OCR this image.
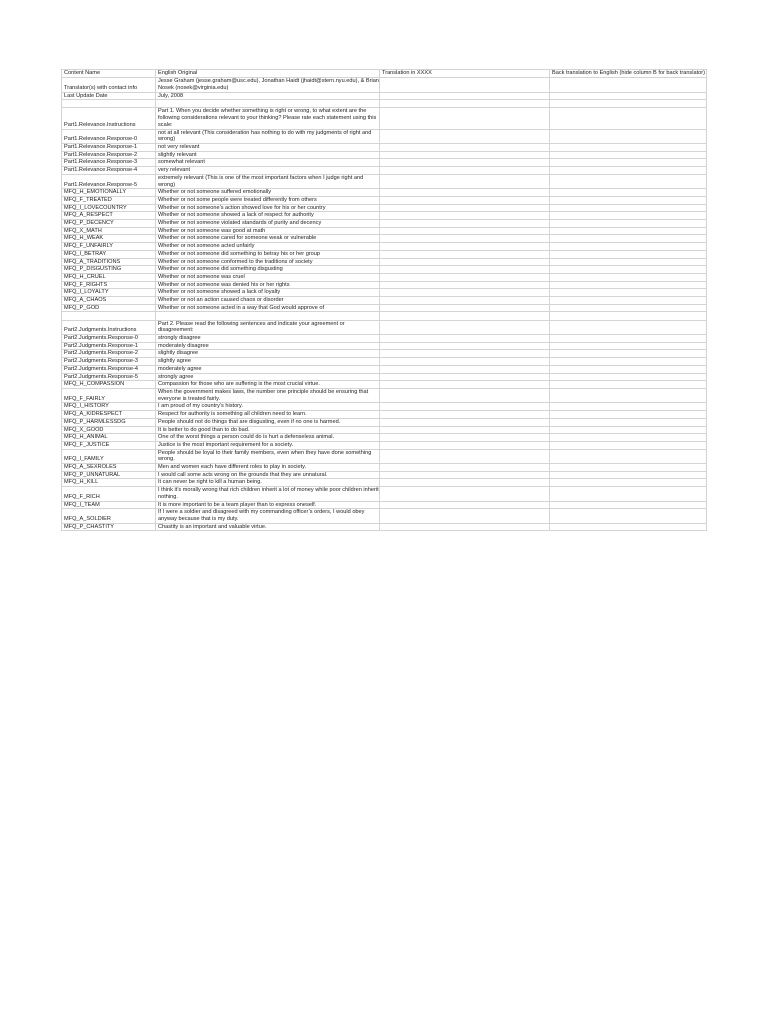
Content Name	English Original	Translation in XXXX	Back translation to English (hide column B for back translator)
Translator(s) with contact info	Jesse Graham (jesse.graham@usc.edu), Jonathan Haidt (jhaidt@stern.nyu.edu), & Brian Nosek (nosek@virginia.edu)		
Last Update Date	July, 2008		

Part1.Relevance.Instructions	Part 1. When you decide whether something is right or wrong, to what extent are the following considerations relevant to your thinking? Please rate each statement using this scale:		
Part1.Relevance.Response-0	not at all relevant (This consideration has nothing to do with my judgments of right and wrong)		
Part1.Relevance.Response-1	not very relevant		
Part1.Relevance.Response-2	slightly relevant		
Part1.Relevance.Response-3	somewhat relevant		
Part1.Relevance.Response-4	very relevant		
Part1.Relevance.Response-5	extremely relevant (This is one of the most important factors when I judge right and wrong)		
MFQ_H_EMOTIONALLY	Whether or not someone suffered emotionally		
MFQ_F_TREATED	Whether or not some people were treated differently from others		
MFQ_I_LOVECOUNTRY	Whether or not someone’s action showed love for his or her country		
MFQ_A_RESPECT	Whether or not someone showed a lack of respect for authority		
MFQ_P_DECENCY	Whether or not someone violated standards of purity and decency		
MFQ_X_MATH	Whether or not someone was good at math		
MFQ_H_WEAK	Whether or not someone cared for someone weak or vulnerable		
MFQ_F_UNFAIRLY	Whether or not someone acted unfairly		
MFQ_I_BETRAY	Whether or not someone did something to betray his or her group		
MFQ_A_TRADITIONS	Whether or not someone conformed to the traditions of society		
MFQ_P_DISGUSTING	Whether or not someone did something disgusting		
MFQ_H_CRUEL	Whether or not someone was cruel		
MFQ_F_RIGHTS	Whether or not someone was denied his or her rights		
MFQ_I_LOYALTY	Whether or not someone showed a lack of loyalty		
MFQ_A_CHAOS	Whether or not an action caused chaos or disorder		
MFQ_P_GOD	Whether or not someone acted in a way that God would approve of		

Part2.Judgments.Instructions	Part 2. Please read the following sentences and indicate your agreement or disagreement:		
Part2.Judgments.Response-0	strongly disagree		
Part2.Judgments.Response-1	moderately disagree		
Part2.Judgments.Response-2	slightly disagree		
Part2.Judgments.Response-3	slightly agree		
Part2.Judgments.Response-4	moderately agree		
Part2.Judgments.Response-5	strongly agree		
MFQ_H_COMPASSION	Compassion for those who are suffering is the most crucial virtue.		
MFQ_F_FAIRLY	When the government makes laws, the number one principle should be ensuring that everyone is treated fairly.		
MFQ_I_HISTORY	I am proud of my country’s history.		
MFQ_A_KIDRESPECT	Respect for authority is something all children need to learn.		
MFQ_P_HARMLESSDG	People should not do things that are disgusting, even if no one is harmed.		
MFQ_X_GOOD	It is better to do good than to do bad.		
MFQ_H_ANIMAL	One of the worst things a person could do is hurt a defenseless animal.		
MFQ_F_JUSTICE	Justice is the most important requirement for a society.		
MFQ_I_FAMILY	People should be loyal to their family members, even when they have done something wrong.		
MFQ_A_SEXROLES	Men and women each have different roles to play in society.		
MFQ_P_UNNATURAL	I would call some acts wrong on the grounds that they are unnatural.		
MFQ_H_KILL	It can never be right to kill a human being.		
MFQ_F_RICH	I think it’s morally wrong that rich children inherit a lot of money while poor children inherit nothing.		
MFQ_I_TEAM	It is more important to be a team player than to express oneself.		
MFQ_A_SOLDIER	If I were a soldier and disagreed with my commanding officer’s orders, I would obey anyway because that is my duty.		
MFQ_P_CHASTITY	Chastity is an important and valuable virtue.		
